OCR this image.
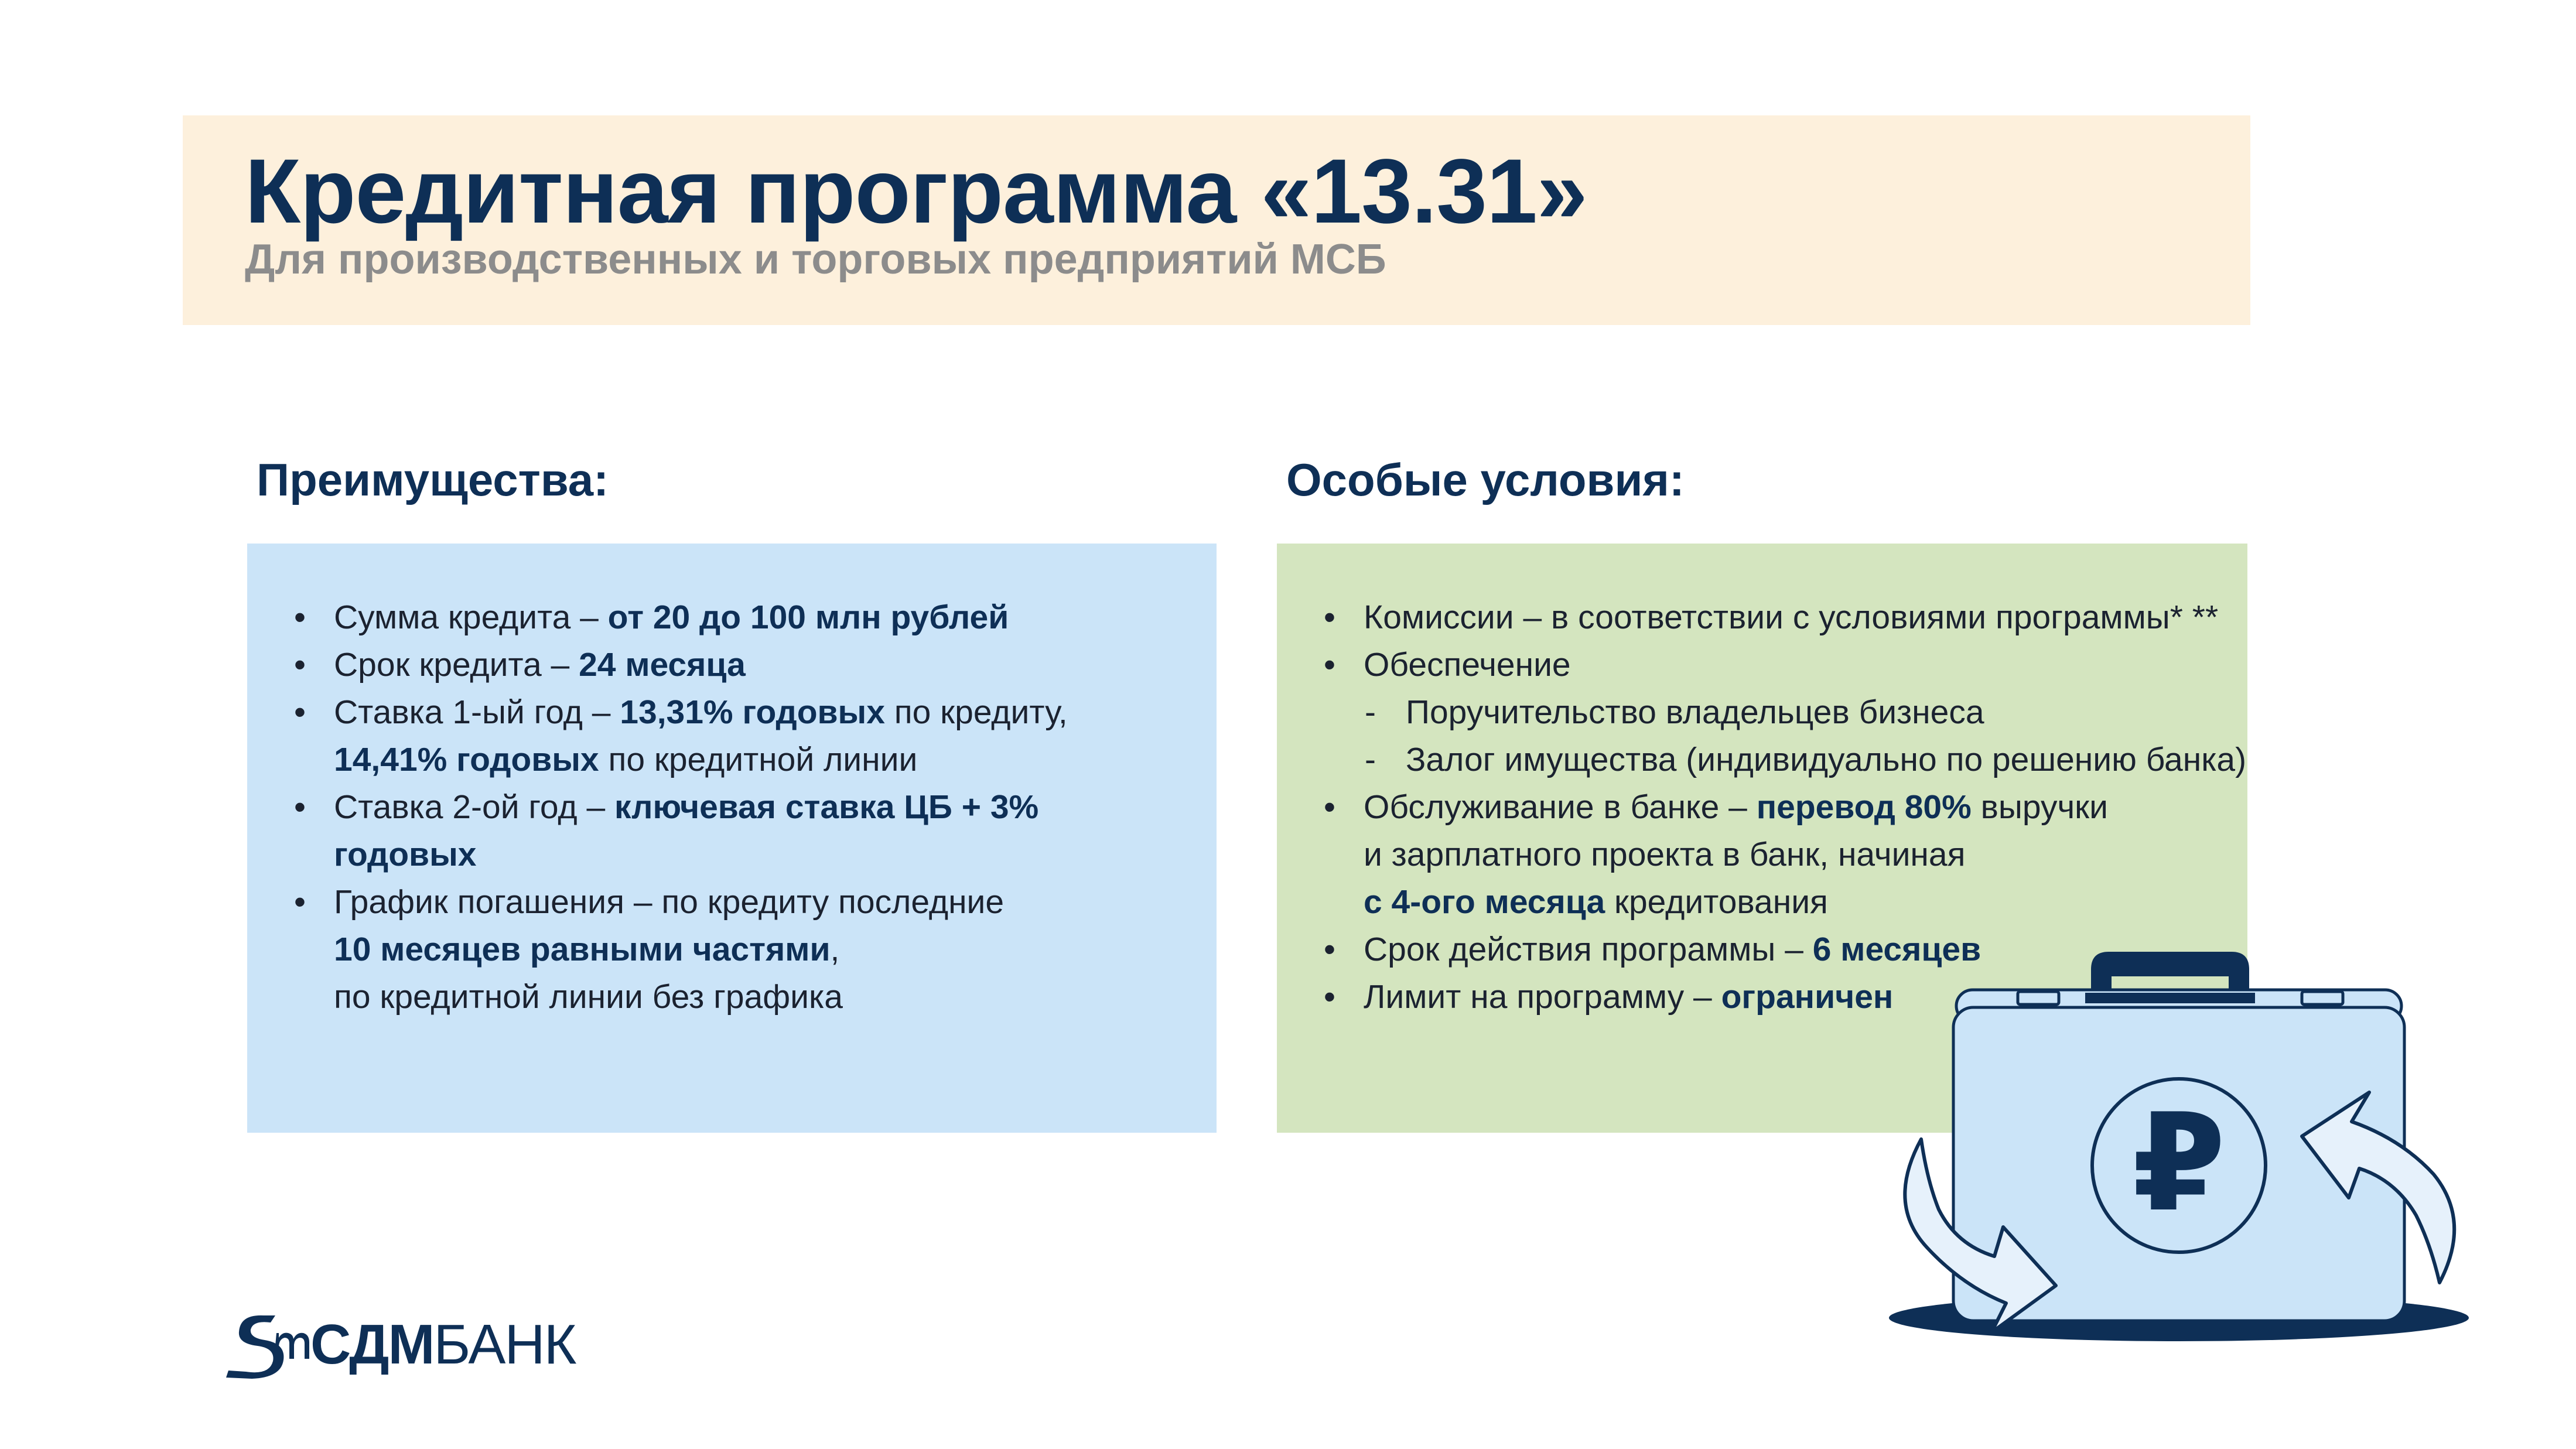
Кредитная программа «13.31»
Для производственных и торговых предприятий МСБ
Преимущества:	Особые условия:
• Сумма кредита – от 20 до 100 млн рублей
• Срок кредита – 24 месяца
• Ставка 1-ый год – 13,31% годовых по кредиту,
14,41% годовых по кредитной линии
• Ставка 2-ой год – ключевая ставка ЦБ + 3%
годовых
• График погашения – по кредиту последние
10 месяцев равными частями,
по кредитной линии без графика
• Комиссии – в соответствии с условиями программы* **
• Обеспечение
- Поручительство владельцев бизнеса
- Залог имущества (индивидуально по решению банка)
• Обслуживание в банке – перевод 80% выручки
и зарплатного проекта в банк, начиная
с 4-ого месяца кредитования
• Срок действия программы – 6 месяцев
• Лимит на программу – ограничен
₽
СДМБАНК
